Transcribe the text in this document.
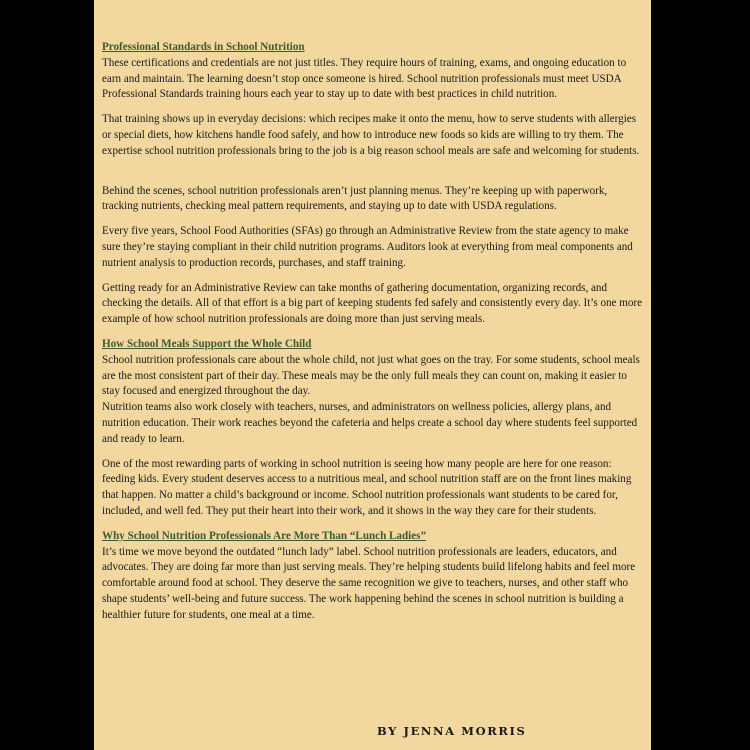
Professional Standards in School Nutrition

These certifications and credentials are not just titles. They require hours of training, exams, and ongoing education to earn and maintain. The learning doesn’t stop once someone is hired. School nutrition professionals must meet USDA Professional Standards training hours each year to stay up to date with best practices in child nutrition.

That training shows up in everyday decisions: which recipes make it onto the menu, how to serve students with allergies or special diets, how kitchens handle food safely, and how to introduce new foods so kids are willing to try them. The expertise school nutrition professionals bring to the job is a big reason school meals are safe and welcoming for students.

Behind the scenes, school nutrition professionals aren’t just planning menus. They’re keeping up with paperwork, tracking nutrients, checking meal pattern requirements, and staying up to date with USDA regulations.

Every five years, School Food Authorities (SFAs) go through an Administrative Review from the state agency to make sure they’re staying compliant in their child nutrition programs. Auditors look at everything from meal components and nutrient analysis to production records, purchases, and staff training.

Getting ready for an Administrative Review can take months of gathering documentation, organizing records, and checking the details. All of that effort is a big part of keeping students fed safely and consistently every day. It’s one more example of how school nutrition professionals are doing more than just serving meals.

How School Meals Support the Whole Child

School nutrition professionals care about the whole child, not just what goes on the tray. For some students, school meals are the most consistent part of their day. These meals may be the only full meals they can count on, making it easier to stay focused and energized throughout the day.

Nutrition teams also work closely with teachers, nurses, and administrators on wellness policies, allergy plans, and nutrition education. Their work reaches beyond the cafeteria and helps create a school day where students feel supported and ready to learn.

One of the most rewarding parts of working in school nutrition is seeing how many people are here for one reason: feeding kids. Every student deserves access to a nutritious meal, and school nutrition staff are on the front lines making that happen. No matter a child’s background or income. School nutrition professionals want students to be cared for, included, and well fed. They put their heart into their work, and it shows in the way they care for their students.

Why School Nutrition Professionals Are More Than “Lunch Ladies”

It’s time we move beyond the outdated “lunch lady” label. School nutrition professionals are leaders, educators, and advocates. They are doing far more than just serving meals. They’re helping students build lifelong habits and feel more comfortable around food at school. They deserve the same recognition we give to teachers, nurses, and other staff who shape students’ well-being and future success. The work happening behind the scenes in school nutrition is building a healthier future for students, one meal at a time.

BY JENNA MORRIS
